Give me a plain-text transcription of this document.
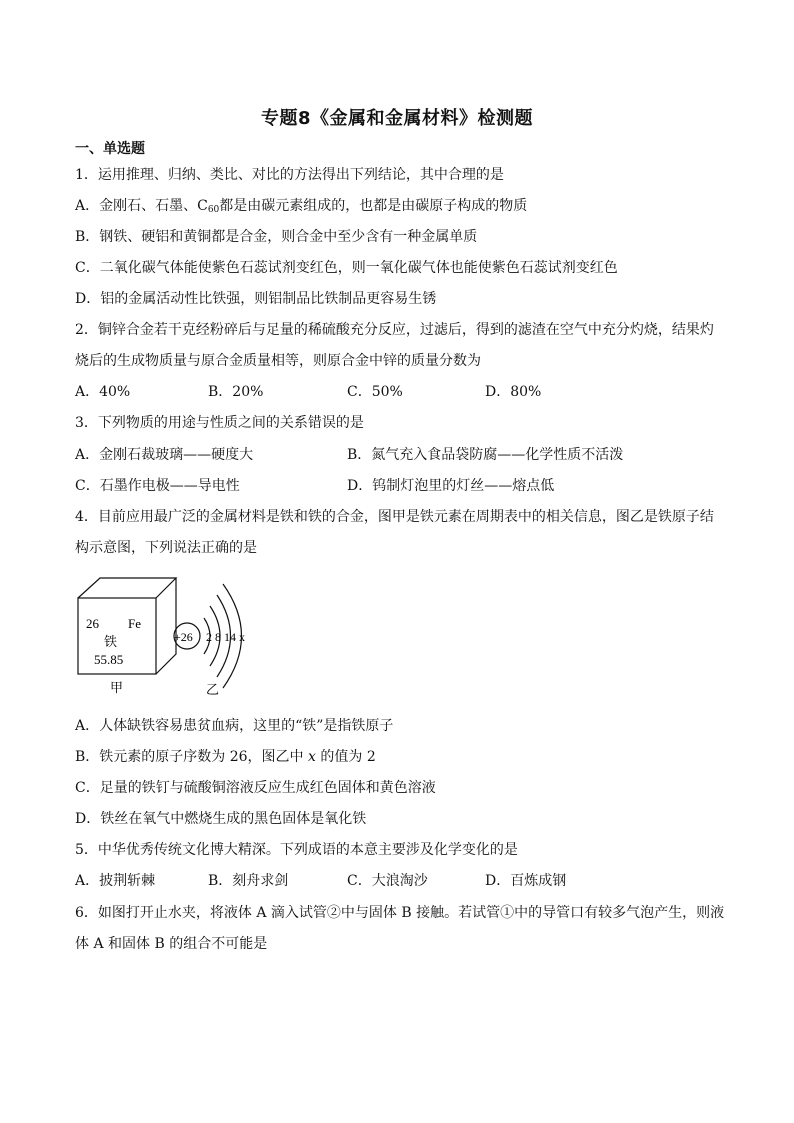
专题8《金属和金属材料》检测题
一、单选题
1．运用推理、归纳、类比、对比的方法得出下列结论，其中合理的是
A．金刚石、石墨、$C_{60}$都是由碳元素组成的，也都是由碳原子构成的物质
B．钢铁、硬铝和黄铜都是合金，则合金中至少含有一种金属单质
C．二氧化碳气体能使紫色石蕊试剂变红色，则一氧化碳气体也能使紫色石蕊试剂变红色
D．铝的金属活动性比铁强，则铝制品比铁制品更容易生锈
2．铜锌合金若干克经粉碎后与足量的稀硫酸充分反应，过滤后，得到的滤渣在空气中充分灼烧，结果灼
烧后的生成物质量与原合金质量相等，则原合金中锌的质量分数为
A．40%	B．20%	C．50%	D．80%
3．下列物质的用途与性质之间的关系错误的是
A．金刚石裁玻璃——硬度大	B．氮气充入食品袋防腐——化学性质不活泼
C．石墨作电极——导电性	D．钨制灯泡里的灯丝——熔点低
4．目前应用最广泛的金属材料是铁和铁的合金，图甲是铁元素在周期表中的相关信息，图乙是铁原子结
构示意图，下列说法正确的是
26 Fe
铁
55.85
甲
+26 2 8 14 x
乙
A．人体缺铁容易患贫血病，这里的“铁”是指铁原子
B．铁元素的原子序数为 26，图乙中 x 的值为 2
C．足量的铁钉与硫酸铜溶液反应生成红色固体和黄色溶液
D．铁丝在氧气中燃烧生成的黑色固体是氧化铁
5．中华优秀传统文化博大精深。下列成语的本意主要涉及化学变化的是
A．披荆斩棘	B．刻舟求剑	C．大浪淘沙	D．百炼成钢
6．如图打开止水夹，将液体 A 滴入试管②中与固体 B 接触。若试管①中的导管口有较多气泡产生，则液
体 A 和固体 B 的组合不可能是
